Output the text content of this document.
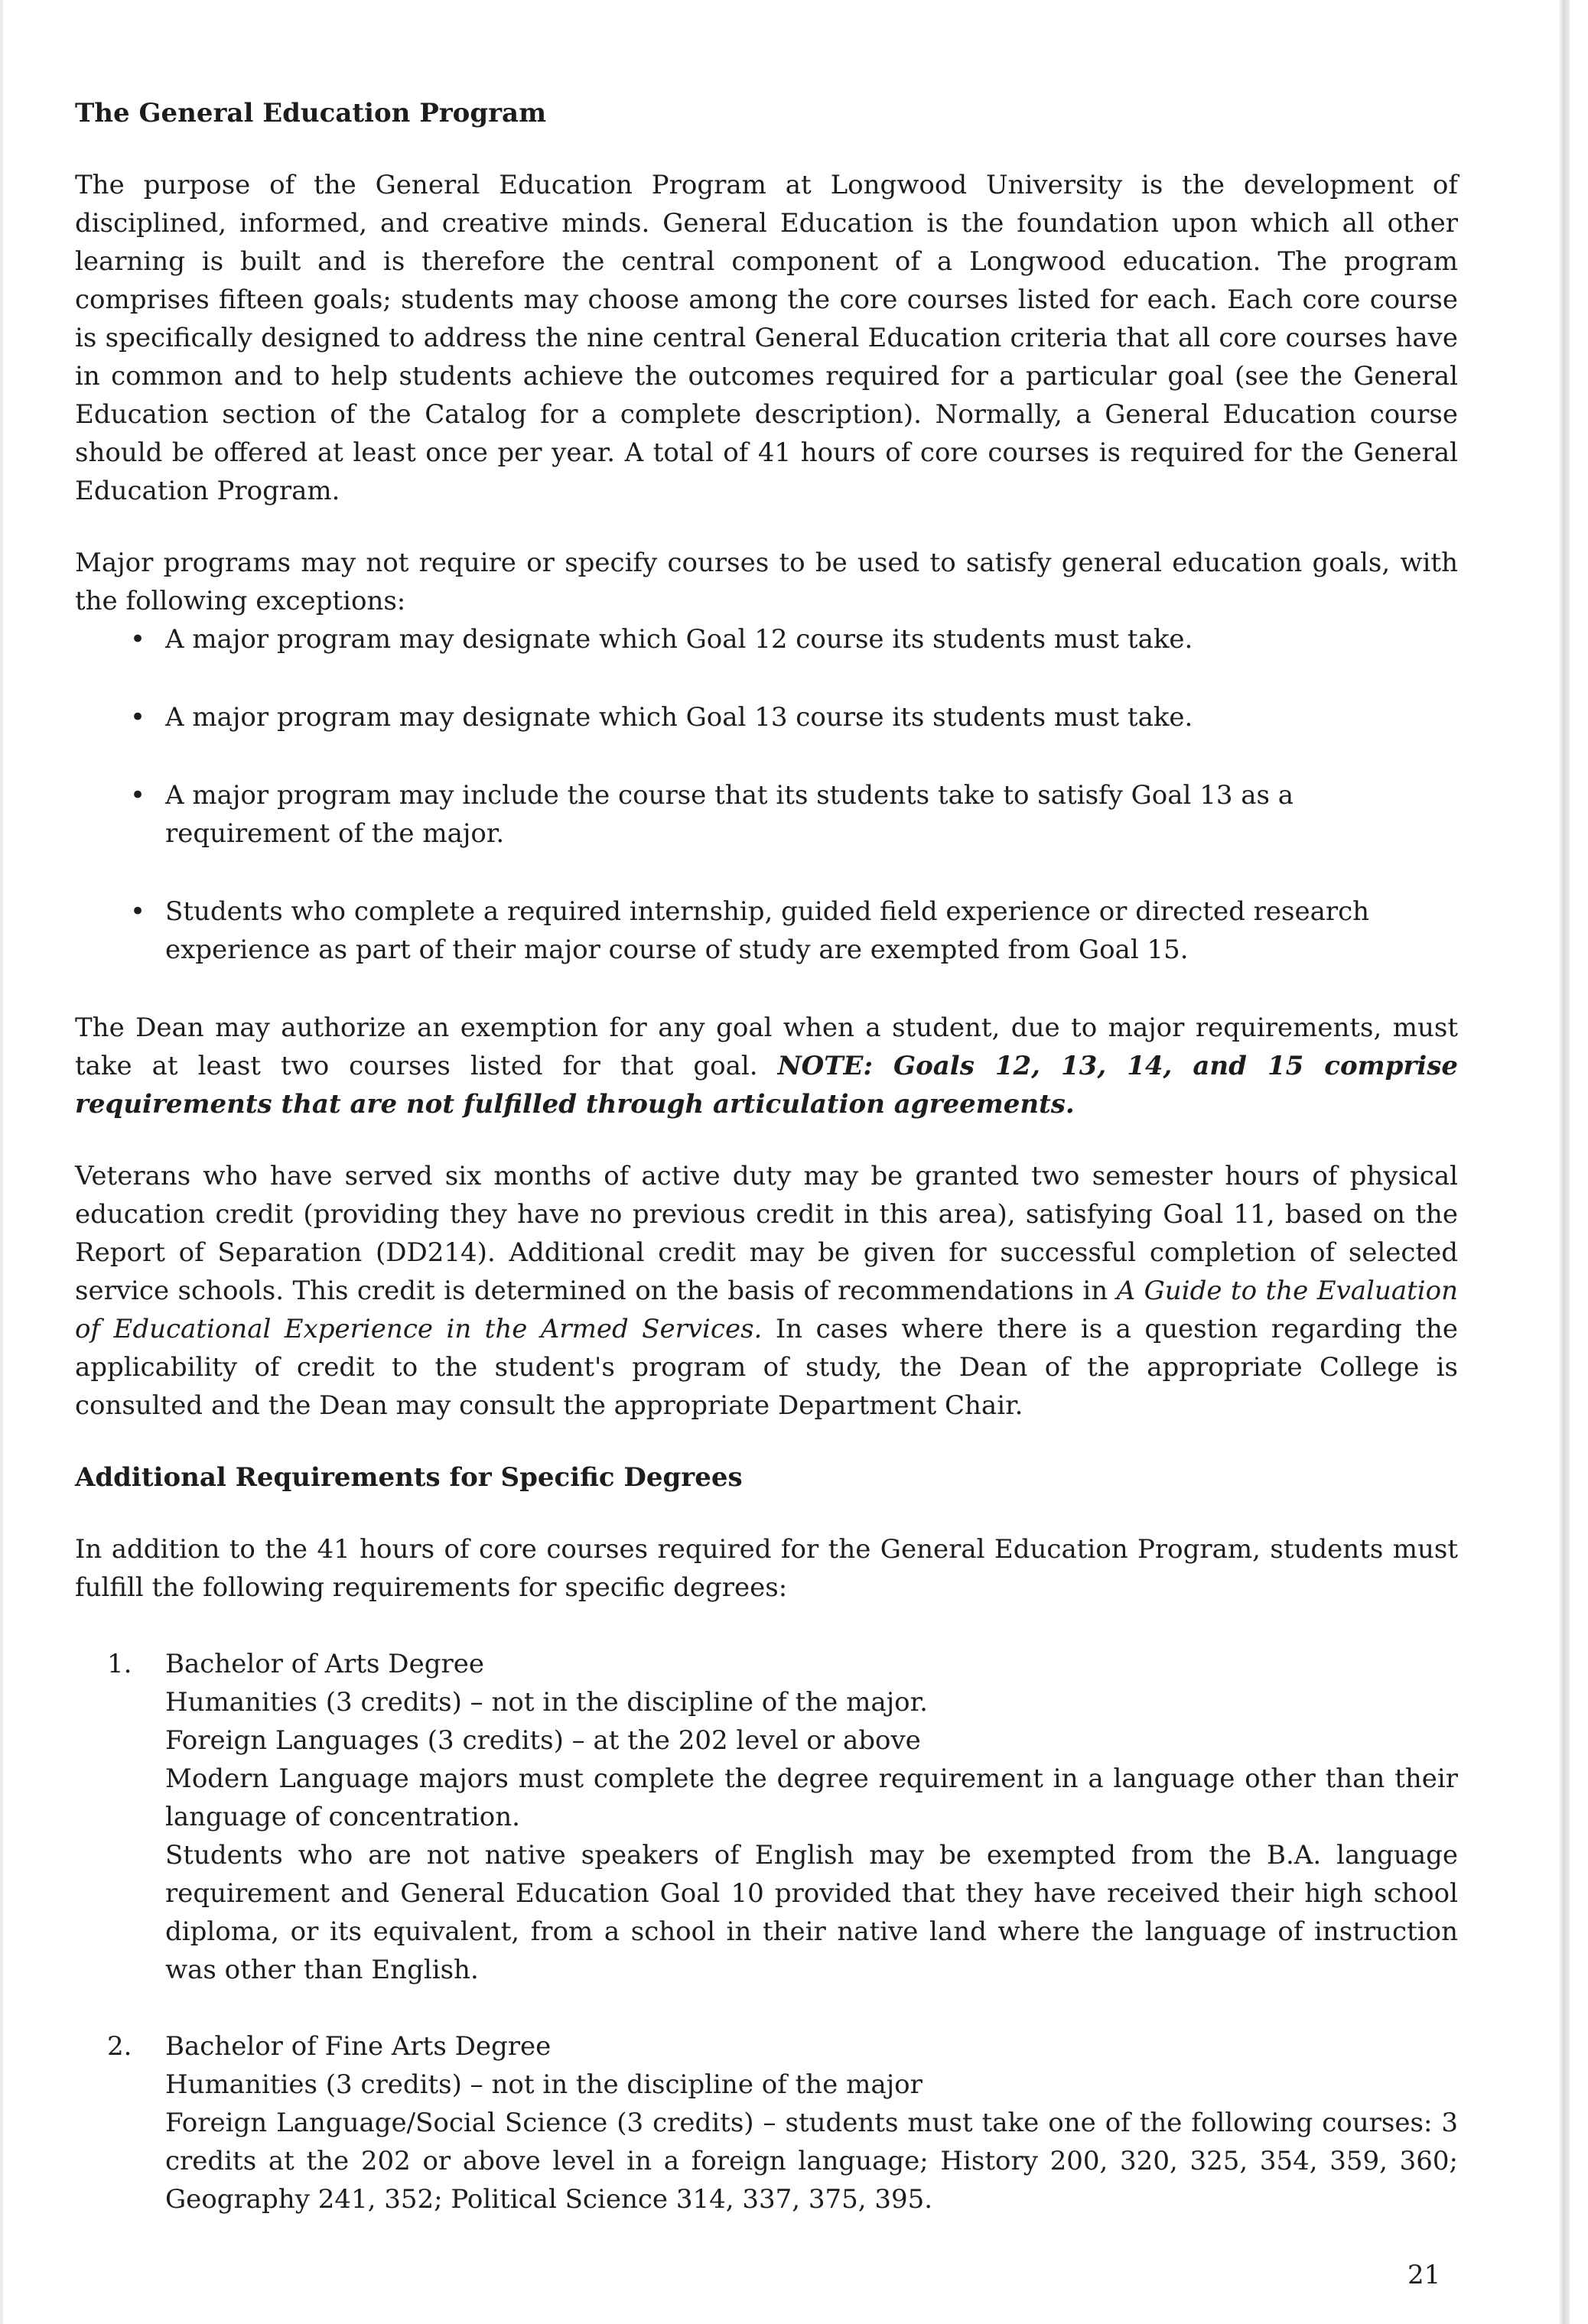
The General Education Program

The purpose of the General Education Program at Longwood University is the development of disciplined, informed, and creative minds. General Education is the foundation upon which all other learning is built and is therefore the central component of a Longwood education. The program comprises fifteen goals; students may choose among the core courses listed for each. Each core course is specifically designed to address the nine central General Education criteria that all core courses have in common and to help students achieve the outcomes required for a particular goal (see the General Education section of the Catalog for a complete description). Normally, a General Education course should be offered at least once per year. A total of 41 hours of core courses is required for the General Education Program.

Major programs may not require or specify courses to be used to satisfy general education goals, with the following exceptions:

• A major program may designate which Goal 12 course its students must take.
• A major program may designate which Goal 13 course its students must take.
• A major program may include the course that its students take to satisfy Goal 13 as a requirement of the major.
• Students who complete a required internship, guided field experience or directed research experience as part of their major course of study are exempted from Goal 15.

The Dean may authorize an exemption for any goal when a student, due to major requirements, must take at least two courses listed for that goal. NOTE: Goals 12, 13, 14, and 15 comprise requirements that are not fulfilled through articulation agreements.

Veterans who have served six months of active duty may be granted two semester hours of physical education credit (providing they have no previous credit in this area), satisfying Goal 11, based on the Report of Separation (DD214). Additional credit may be given for successful completion of selected service schools. This credit is determined on the basis of recommendations in A Guide to the Evaluation of Educational Experience in the Armed Services. In cases where there is a question regarding the applicability of credit to the student's program of study, the Dean of the appropriate College is consulted and the Dean may consult the appropriate Department Chair.

Additional Requirements for Specific Degrees

In addition to the 41 hours of core courses required for the General Education Program, students must fulfill the following requirements for specific degrees:

1. Bachelor of Arts Degree
Humanities (3 credits) – not in the discipline of the major.
Foreign Languages (3 credits) – at the 202 level or above
Modern Language majors must complete the degree requirement in a language other than their language of concentration.
Students who are not native speakers of English may be exempted from the B.A. language requirement and General Education Goal 10 provided that they have received their high school diploma, or its equivalent, from a school in their native land where the language of instruction was other than English.
2. Bachelor of Fine Arts Degree
Humanities (3 credits) – not in the discipline of the major
Foreign Language/Social Science (3 credits) – students must take one of the following courses: 3 credits at the 202 or above level in a foreign language; History 200, 320, 325, 354, 359, 360; Geography 241, 352; Political Science 314, 337, 375, 395.
21
